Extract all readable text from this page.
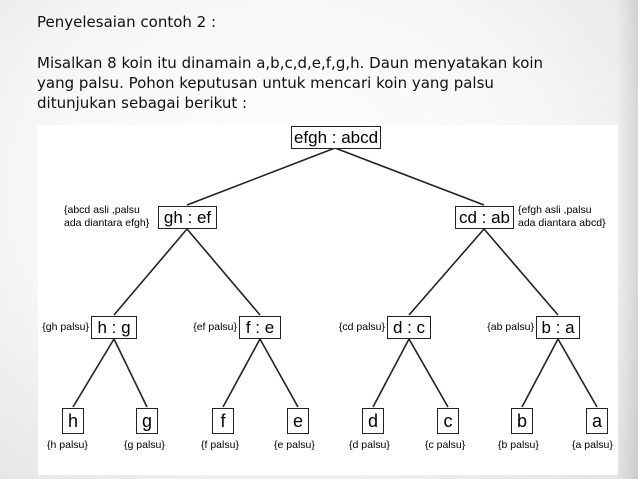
Penyelesaian contoh 2 :
Misalkan 8 koin itu dinamain a,b,c,d,e,f,g,h. Daun menyatakan koin
yang palsu. Pohon keputusan untuk mencari koin yang palsu
ditunjukan sebagai berikut :
efgh : abcd
gh : ef
{abcd asli ,palsu
ada diantara efgh}	cd : ab {efgh asli ,palsu
ada diantara abcd}
h : g
{gh palsu}	f : e
{ef palsu}	d : c
{cd palsu}	b : a
{ab palsu}
h
{h palsu}
g
{g palsu}
f
{f palsu}
e
{e palsu}
d
{d palsu}
c
{c palsu}
b
{b palsu}
a
{a palsu}
